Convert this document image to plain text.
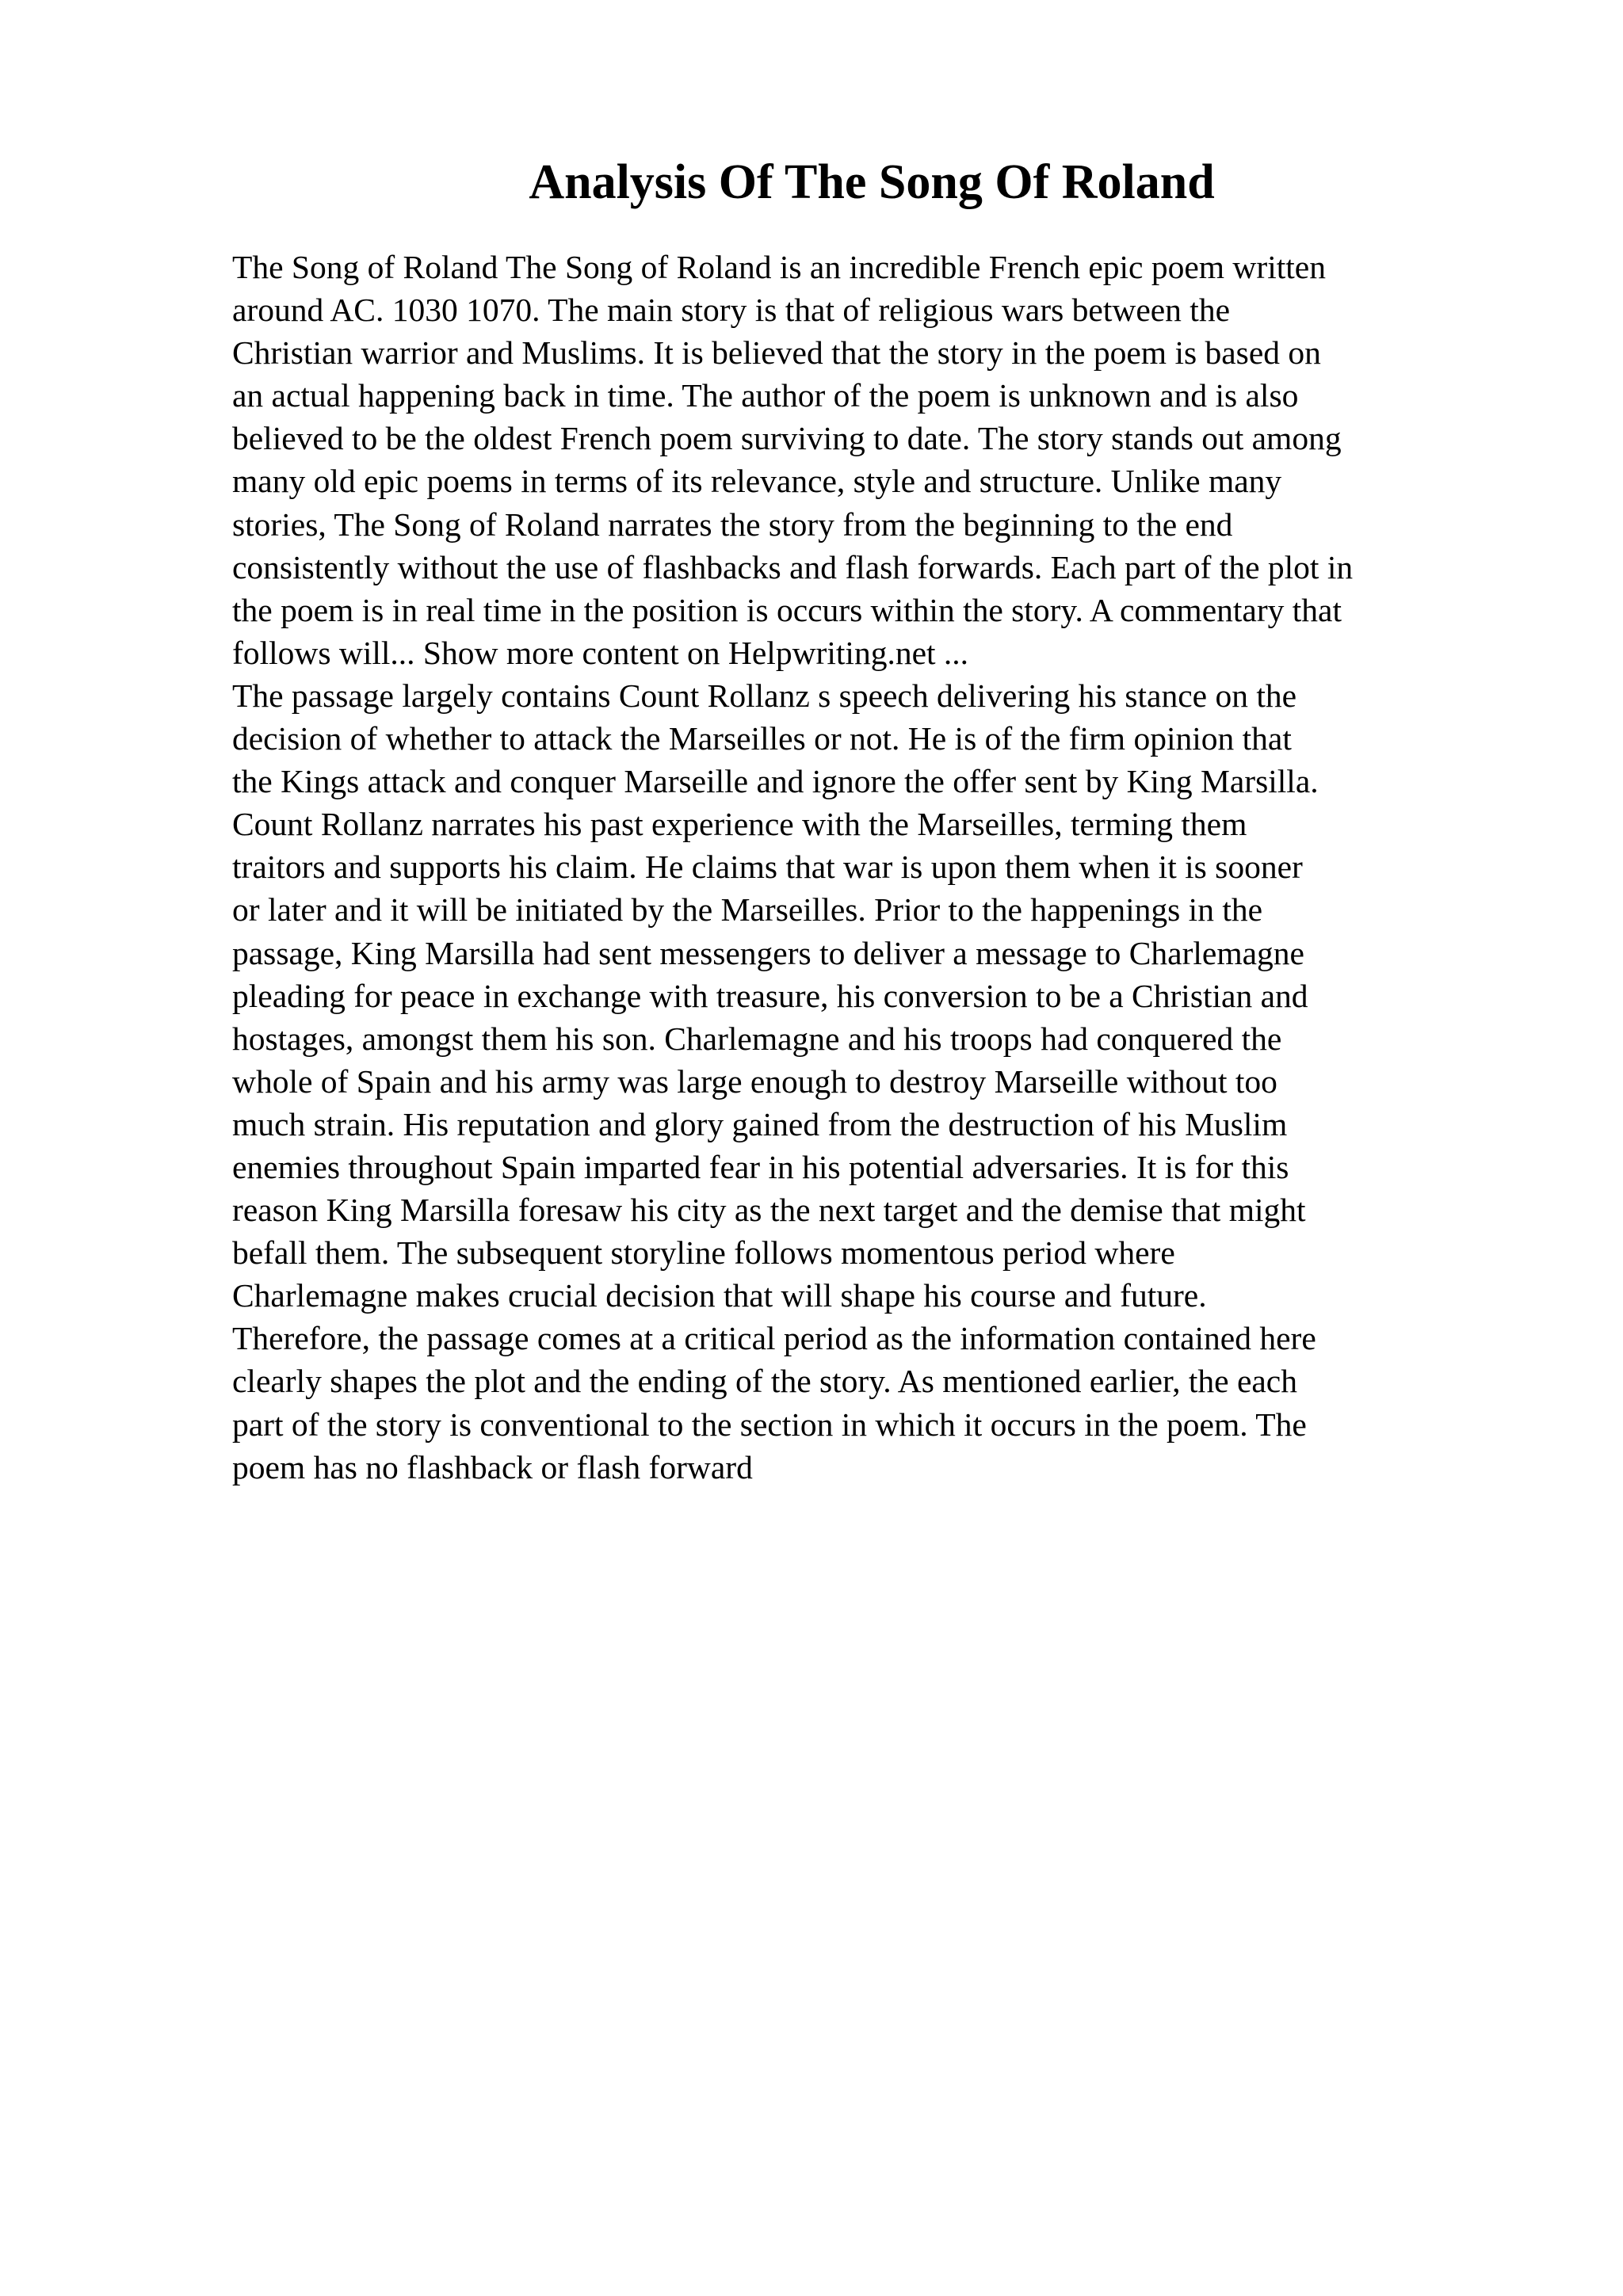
Analysis Of The Song Of Roland
The Song of Roland The Song of Roland is an incredible French epic poem written
around AC. 1030 1070. The main story is that of religious wars between the
Christian warrior and Muslims. It is believed that the story in the poem is based on
an actual happening back in time. The author of the poem is unknown and is also
believed to be the oldest French poem surviving to date. The story stands out among
many old epic poems in terms of its relevance, style and structure. Unlike many
stories, The Song of Roland narrates the story from the beginning to the end
consistently without the use of flashbacks and flash forwards. Each part of the plot in
the poem is in real time in the position is occurs within the story. A commentary that
follows will... Show more content on Helpwriting.net ...
The passage largely contains Count Rollanz s speech delivering his stance on the
decision of whether to attack the Marseilles or not. He is of the firm opinion that
the Kings attack and conquer Marseille and ignore the offer sent by King Marsilla.
Count Rollanz narrates his past experience with the Marseilles, terming them
traitors and supports his claim. He claims that war is upon them when it is sooner
or later and it will be initiated by the Marseilles. Prior to the happenings in the
passage, King Marsilla had sent messengers to deliver a message to Charlemagne
pleading for peace in exchange with treasure, his conversion to be a Christian and
hostages, amongst them his son. Charlemagne and his troops had conquered the
whole of Spain and his army was large enough to destroy Marseille without too
much strain. His reputation and glory gained from the destruction of his Muslim
enemies throughout Spain imparted fear in his potential adversaries. It is for this
reason King Marsilla foresaw his city as the next target and the demise that might
befall them. The subsequent storyline follows momentous period where
Charlemagne makes crucial decision that will shape his course and future.
Therefore, the passage comes at a critical period as the information contained here
clearly shapes the plot and the ending of the story. As mentioned earlier, the each
part of the story is conventional to the section in which it occurs in the poem. The
poem has no flashback or flash forward
